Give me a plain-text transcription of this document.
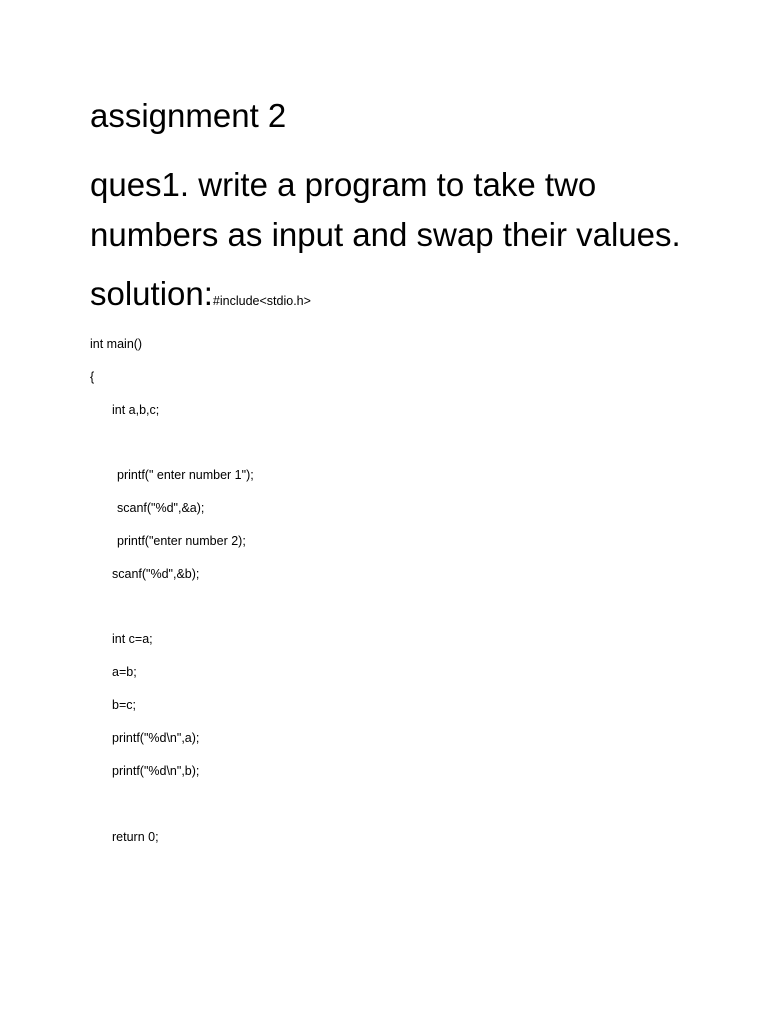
assignment 2
ques1. write a program to take two numbers as input and swap their values.
solution:#include<stdio.h>
int main()
{
int a,b,c;
printf(" enter number 1");
scanf("%d",&a);
printf("enter number 2);
scanf("%d",&b);
int c=a;
a=b;
b=c;
printf("%d\n",a);
printf("%d\n",b);
return 0;
